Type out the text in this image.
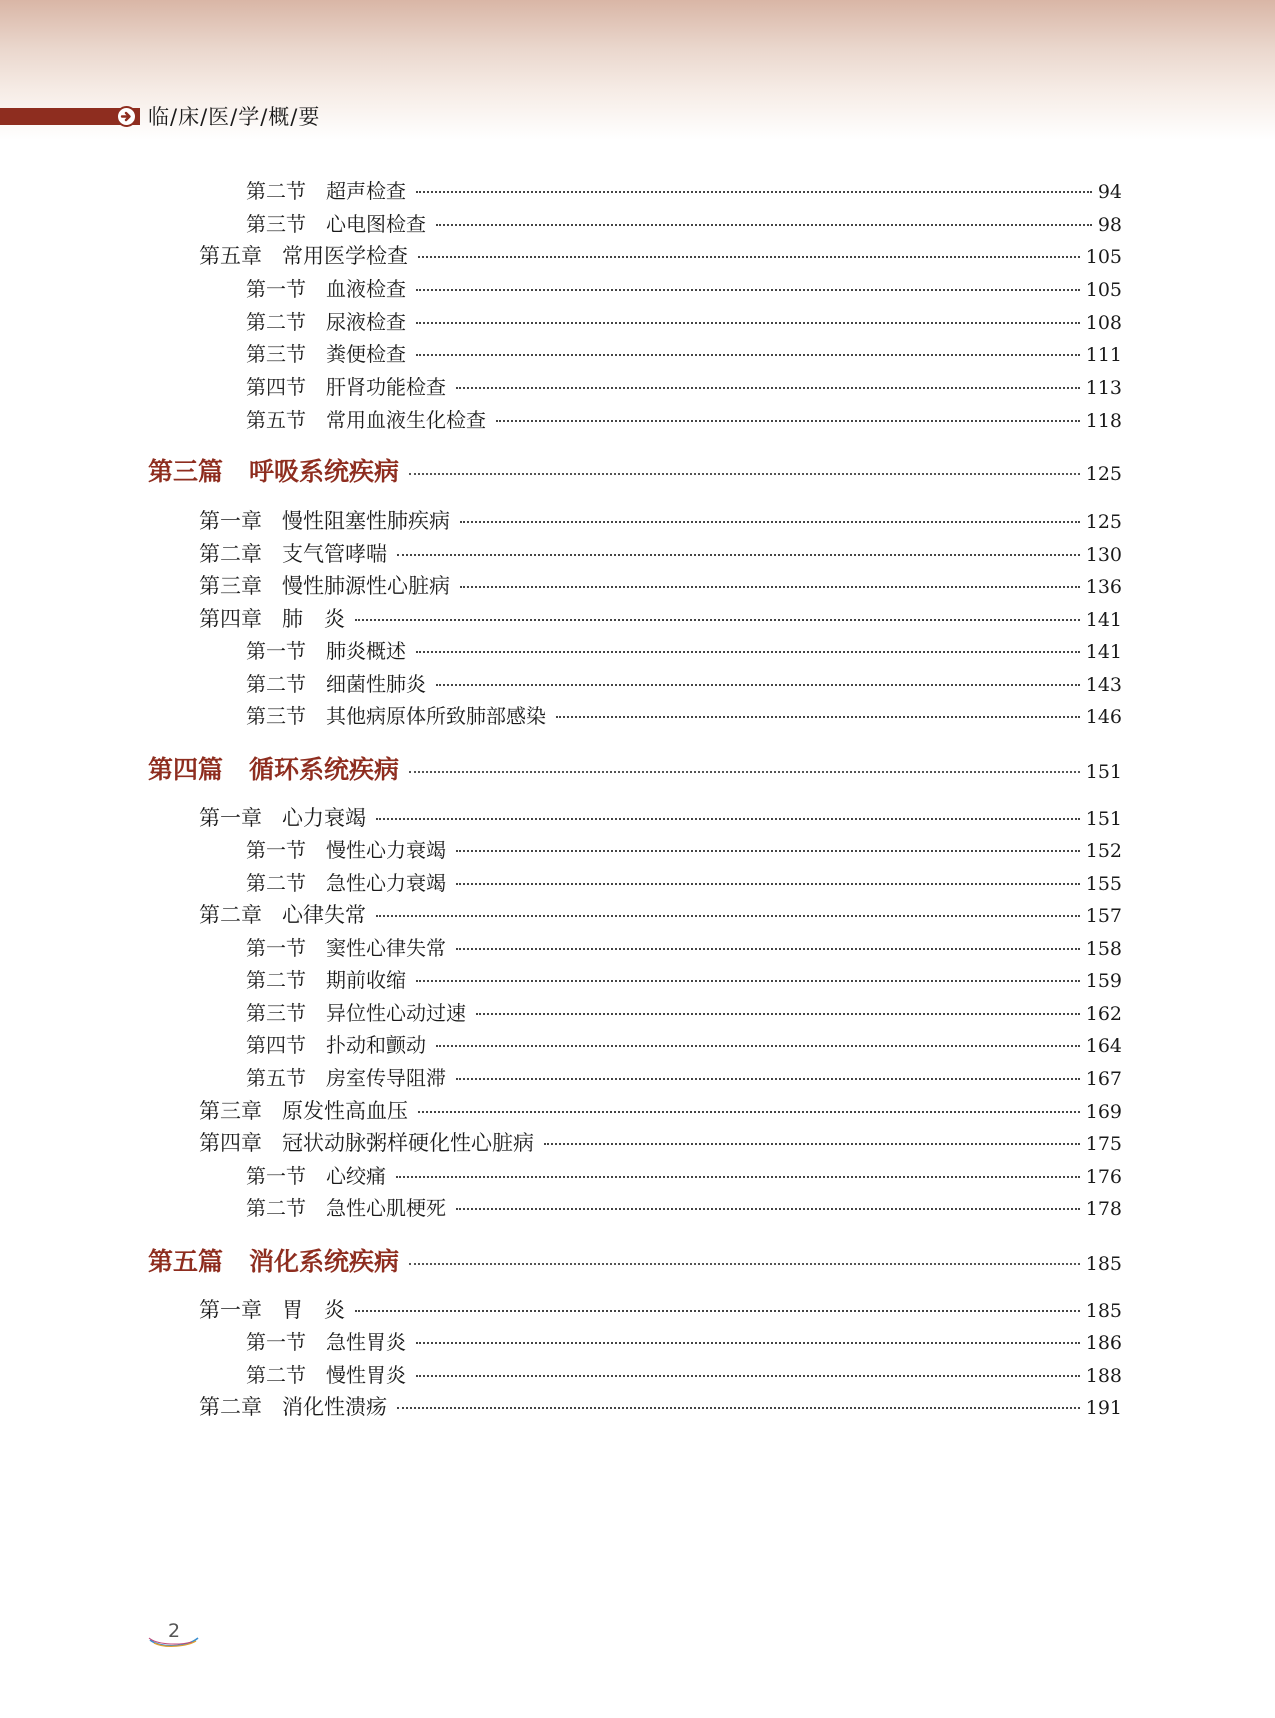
临/床/医/学/概/要
第二节 超声检查	94
第三节 心电图检查	98
第五章 常用医学检查	105
第一节 血液检查	105
第二节 尿液检查	108
第三节 粪便检查	111
第四节 肝肾功能检查	113
第五节 常用血液生化检查	118
第三篇 呼吸系统疾病	125
第一章 慢性阻塞性肺疾病	125
第二章 支气管哮喘	130
第三章 慢性肺源性心脏病	136
第四章 肺　炎	141
第一节 肺炎概述	141
第二节 细菌性肺炎	143
第三节 其他病原体所致肺部感染	146
第四篇 循环系统疾病	151
第一章 心力衰竭	151
第一节 慢性心力衰竭	152
第二节 急性心力衰竭	155
第二章 心律失常	157
第一节 窦性心律失常	158
第二节 期前收缩	159
第三节 异位性心动过速	162
第四节 扑动和颤动	164
第五节 房室传导阻滞	167
第三章 原发性高血压	169
第四章 冠状动脉粥样硬化性心脏病	175
第一节 心绞痛	176
第二节 急性心肌梗死	178
第五篇 消化系统疾病	185
第一章 胃　炎	185
第一节 急性胃炎	186
第二节 慢性胃炎	188
第二章 消化性溃疡	191
2
